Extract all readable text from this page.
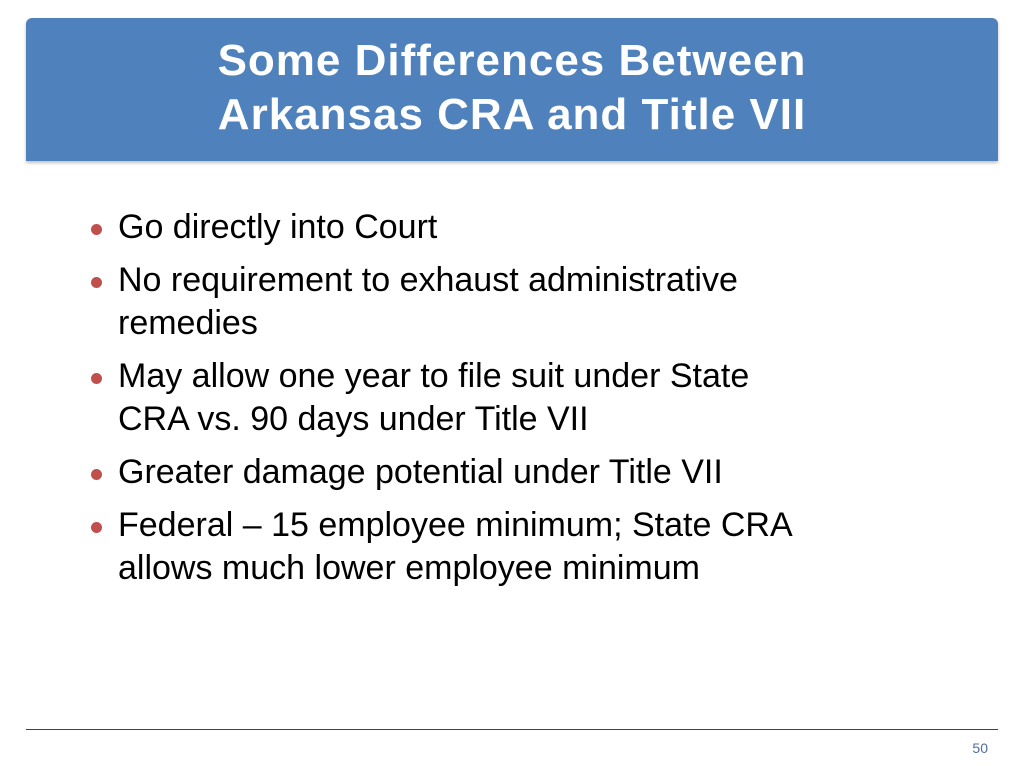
Some Differences Between
Arkansas CRA and Title VII
Go directly into Court
No requirement to exhaust administrative
remedies
May allow one year to file suit under State
CRA vs. 90 days under Title VII
Greater damage potential under Title VII
Federal – 15 employee minimum; State CRA
allows much lower employee minimum
50
